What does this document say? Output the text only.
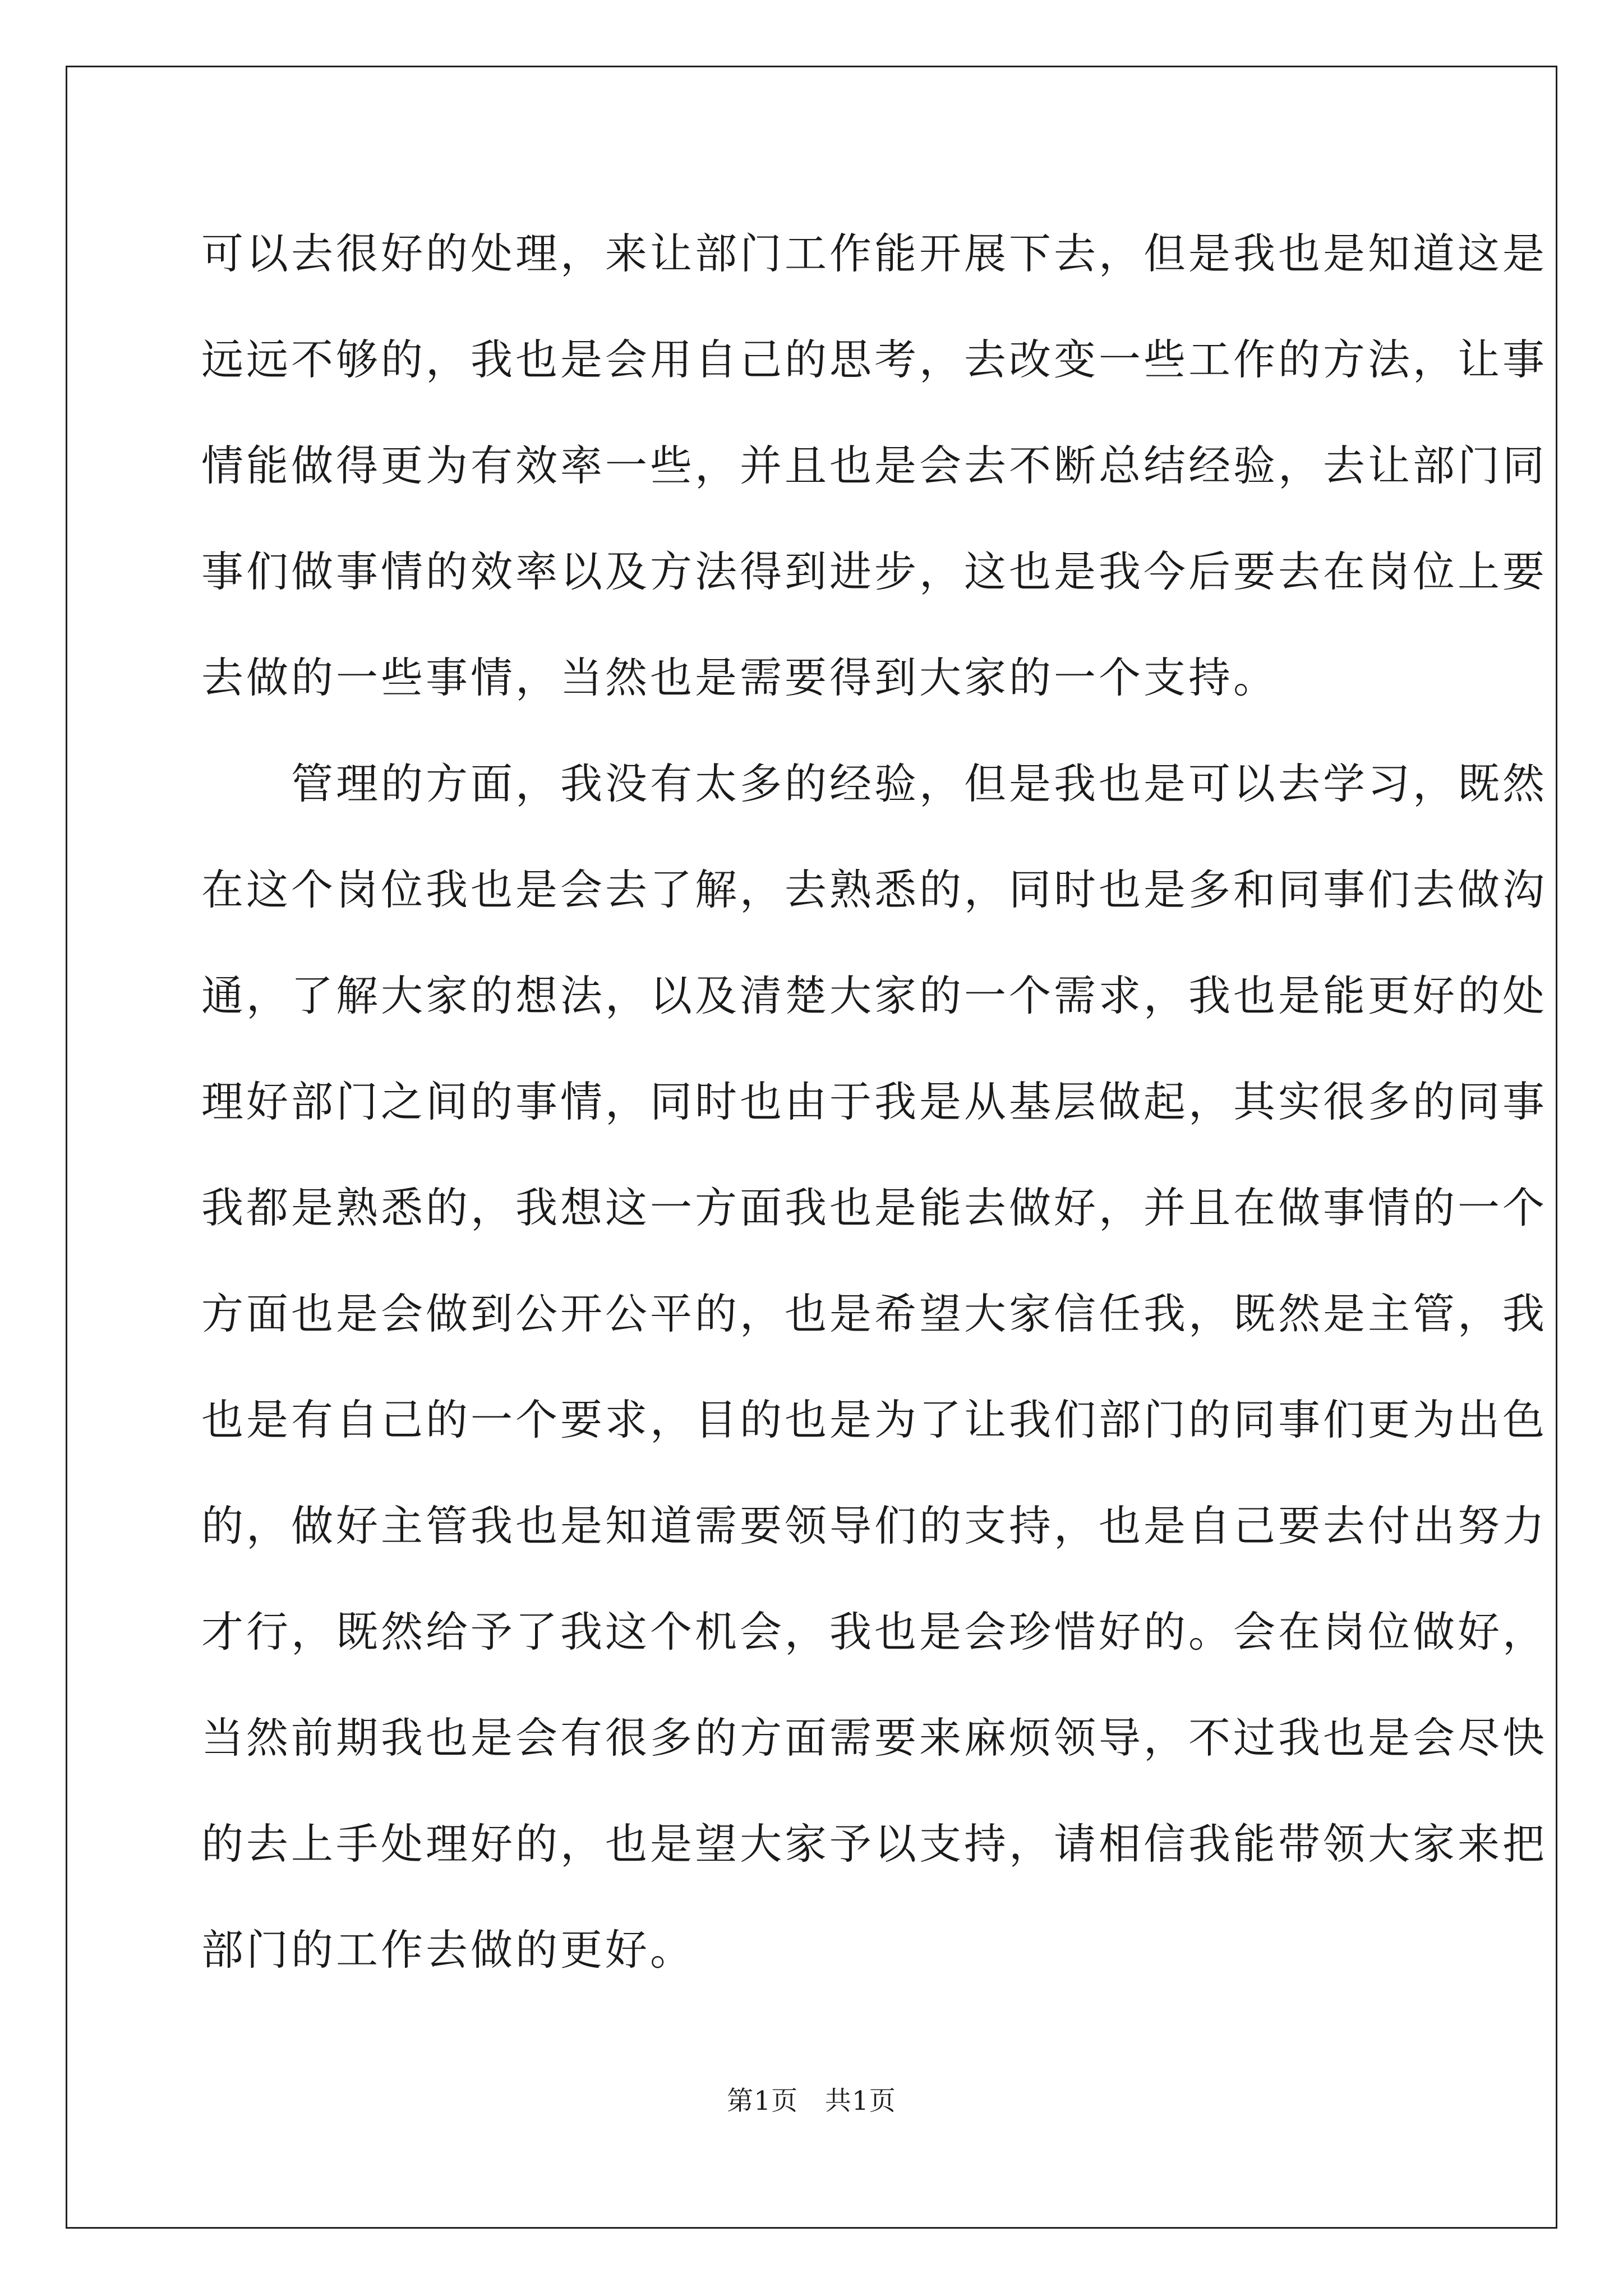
可以去很好的处理，来让部门工作能开展下去，但是我也是知道这是
远远不够的，我也是会用自己的思考，去改变一些工作的方法，让事
情能做得更为有效率一些，并且也是会去不断总结经验，去让部门同
事们做事情的效率以及方法得到进步，这也是我今后要去在岗位上要
去做的一些事情，当然也是需要得到大家的一个支持。
　　管理的方面，我没有太多的经验，但是我也是可以去学习，既然
在这个岗位我也是会去了解，去熟悉的，同时也是多和同事们去做沟
通，了解大家的想法，以及清楚大家的一个需求，我也是能更好的处
理好部门之间的事情，同时也由于我是从基层做起，其实很多的同事
我都是熟悉的，我想这一方面我也是能去做好，并且在做事情的一个
方面也是会做到公开公平的，也是希望大家信任我，既然是主管，我
也是有自己的一个要求，目的也是为了让我们部门的同事们更为出色
的，做好主管我也是知道需要领导们的支持，也是自己要去付出努力
才行，既然给予了我这个机会，我也是会珍惜好的。会在岗位做好，
当然前期我也是会有很多的方面需要来麻烦领导，不过我也是会尽快
的去上手处理好的，也是望大家予以支持，请相信我能带领大家来把
部门的工作去做的更好。
第1页 共1页
